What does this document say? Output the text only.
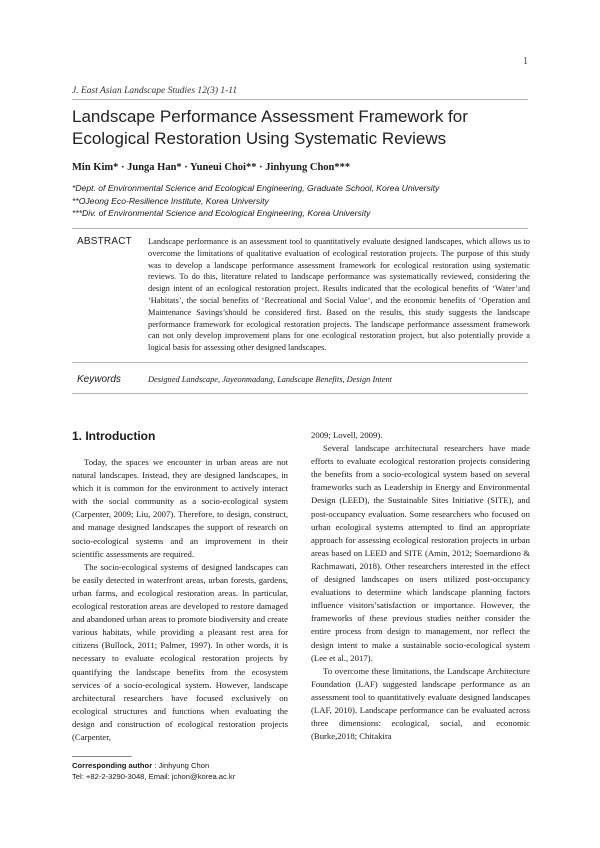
1
J. East Asian Landscape Studies 12(3) 1-11
Landscape Performance Assessment Framework for Ecological Restoration Using Systematic Reviews
Min Kim* · Junga Han* · Yuneui Choi** · Jinhyung Chon***
*Dept. of Environmental Science and Ecological Engineering, Graduate School, Korea University
**OJeong Eco-Resilience Institute, Korea University
***Div. of Environmental Science and Ecological Engineering, Korea University
ABSTRACT Landscape performance is an assessment tool to quantitatively evaluate designed landscapes, which allows us to overcome the limitations of qualitative evaluation of ecological restoration projects. The purpose of this study was to develop a landscape performance assessment framework for ecological restoration using systematic reviews. To do this, literature related to landscape performance was systematically reviewed, considering the design intent of an ecological restoration project. Results indicated that the ecological benefits of ‘Water’and ‘Habitats’, the social benefits of ‘Recreational and Social Value’, and the economic benefits of ‘Operation and Maintenance Savings’should be considered first. Based on the results, this study suggests the landscape performance framework for ecological restoration projects. The landscape performance assessment framework can not only develop improvement plans for one ecological restoration project, but also potentially provide a logical basis for assessing other designed landscapes.

Keywords	Designed Landscape, Jayeonmadang, Landscape Benefits, Design Intent
1. Introduction

Today, the spaces we encounter in urban areas are not natural landscapes. Instead, they are designed landscapes, in which it is common for the environment to actively interact with the social community as a socio-ecological system (Carpenter, 2009; Liu, 2007). Therefore, to design, construct, and manage designed landscapes the support of research on socio-ecological systems and an improvement in their scientific assessments are required.

The socio-ecological systems of designed landscapes can be easily detected in waterfront areas, urban forests, gardens, urban farms, and ecological restoration areas. In particular, ecological restoration areas are developed to restore damaged and abandoned urban areas to promote biodiversity and create various habitats, while providing a pleasant rest area for citizens (Bullock, 2011; Palmer, 1997). In other words, it is necessary to evaluate ecological restoration projects by quantifying the landscape benefits from the ecosystem services of a socio-ecological system. However, landscape architectural researchers have focused exclusively on ecological structures and functions when evaluating the design and construction of ecological restoration projects (Carpenter,

2009; Lovell, 2009).

Several landscape architectural researchers have made efforts to evaluate ecological restoration projects considering the benefits from a socio-ecological system based on several frameworks such as Leadership in Energy and Environmental Design (LEED), the Sustainable Sites Initiative (SITE), and post-occupancy evaluation. Some researchers who focused on urban ecological systems attempted to find an appropriate approach for assessing ecological restoration projects in urban areas based on LEED and SITE (Amin, 2012; Soemardiono & Rachmawati, 2018). Other researchers interested in the effect of designed landscapes on users utilized post-occupancy evaluations to determine which landscape planning factors influence visitors’satisfaction or importance. However, the frameworks of these previous studies neither consider the entire process from design to management, nor reflect the design intent to make a sustainable socio-ecological system (Lee et al., 2017).

To overcome these limitations, the Landscape Architecture Foundation (LAF) suggested landscape performance as an assessment tool to quantitatively evaluate designed landscapes (LAF, 2010). Landscape performance can be evaluated across three dimensions: ecological, social, and economic (Burke,2018; Chitakira

Corresponding author : Jinhyung Chon
Tel: +82-2-3290-3048, Email: jchon@korea.ac.kr
